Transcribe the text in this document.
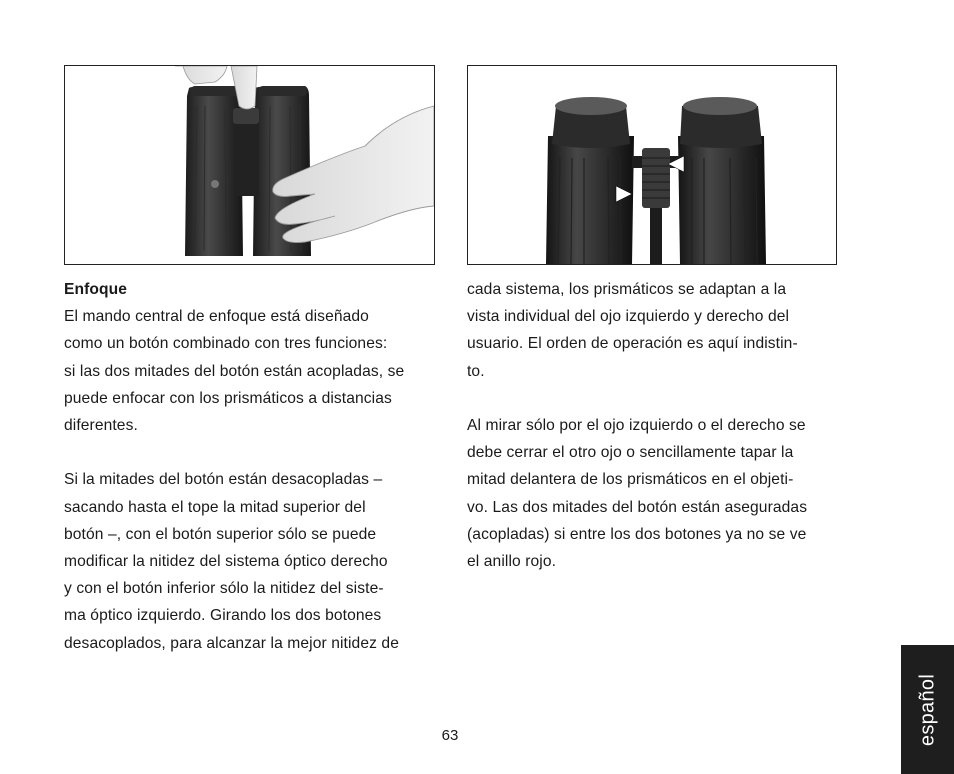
Enfoque

El mando central de enfoque está diseñado

como un botón combinado con tres funciones:

si las dos mitades del botón están acopladas, se

puede enfocar con los prismáticos a distancias

diferentes.

Si la mitades del botón están desacopladas –

sacando hasta el tope la mitad superior del

botón –, con el botón superior sólo se puede

modificar la nitidez del sistema óptico derecho

y con el botón inferior sólo la nitidez del siste-

ma óptico izquierdo. Girando los dos botones

desacoplados, para alcanzar la mejor nitidez de

cada sistema, los prismáticos se adaptan a la

vista individual del ojo izquierdo y derecho del

usuario. El orden de operación es aquí indistin-

to.

Al mirar sólo por el ojo izquierdo o el derecho se

debe cerrar el otro ojo o sencillamente tapar la

mitad delantera de los prismáticos en el objeti-

vo. Las dos mitades del botón están aseguradas

(acopladas) si entre los dos botones ya no se ve

el anillo rojo.

63	español
